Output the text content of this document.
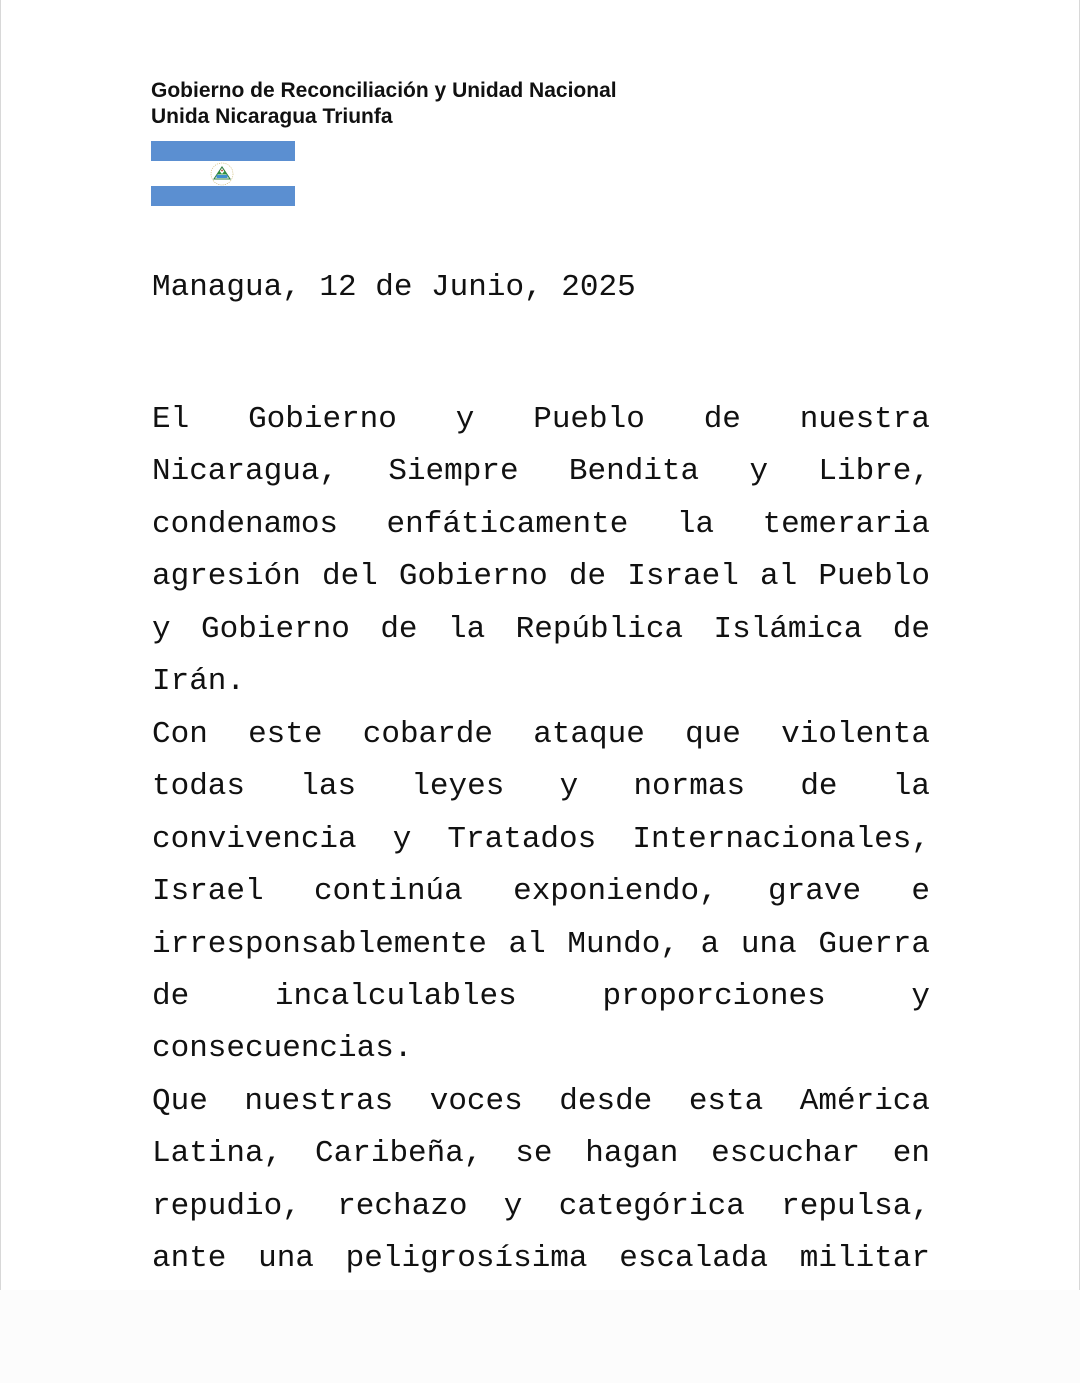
Gobierno de Reconciliación y Unidad Nacional
Unida Nicaragua Triunfa
Managua, 12 de Junio, 2025

El Gobierno y Pueblo de nuestra Nicaragua, Siempre Bendita y Libre, condenamos enfáticamente la temeraria agresión del Gobierno de Israel al Pueblo y Gobierno de la República Islámica de Irán.

Con este cobarde ataque que violenta todas las leyes y normas de la convivencia y Tratados Internacionales, Israel continúa exponiendo, grave e irresponsablemente al Mundo, a una Guerra de incalculables proporciones y consecuencias.

Que nuestras voces desde esta América Latina, Caribeña, se hagan escuchar en repudio, rechazo y categórica repulsa, ante una peligrosísima escalada militar
